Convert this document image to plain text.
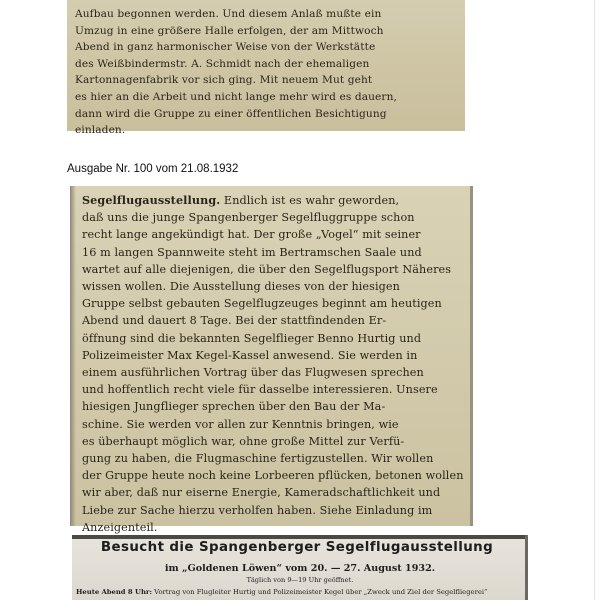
Aufbau begonnen werden. Und diesem Anlaß mußte ein

Umzug in eine größere Halle erfolgen, der am Mittwoch

Abend in ganz harmonischer Weise von der Werkstätte

des Weißbindermstr. A. Schmidt nach der ehemaligen

Kartonnagenfabrik vor sich ging. Mit neuem Mut geht

es hier an die Arbeit und nicht lange mehr wird es dauern,

dann wird die Gruppe zu einer öffentlichen Besichtigung

einladen.

Ausgabe Nr. 100 vom 21.08.1932

Segelflugausstellung. Endlich ist es wahr geworden,

daß uns die junge Spangenberger Segelfluggruppe schon

recht lange angekündigt hat. Der große „Vogel“ mit seiner

16 m langen Spannweite steht im Bertramschen Saale und

wartet auf alle diejenigen, die über den Segelflugsport Näheres

wissen wollen. Die Ausstellung dieses von der hiesigen

Gruppe selbst gebauten Segelflugzeuges beginnt am heutigen

Abend und dauert 8 Tage. Bei der stattfindenden Er-

öffnung sind die bekannten Segelflieger Benno Hurtig und

Polizeimeister Max Kegel-Kassel anwesend. Sie werden in

einem ausführlichen Vortrag über das Flugwesen sprechen

und hoffentlich recht viele für dasselbe interessieren. Unsere

hiesigen Jungflieger sprechen über den Bau der Ma-

schine. Sie werden vor allen zur Kenntnis bringen, wie

es überhaupt möglich war, ohne große Mittel zur Verfü-

gung zu haben, die Flugmaschine fertigzustellen. Wir wollen

der Gruppe heute noch keine Lorbeeren pflücken, betonen wollen

wir aber, daß nur eiserne Energie, Kameradschaftlichkeit und

Liebe zur Sache hierzu verholfen haben. Siehe Einladung im

Anzeigenteil.

Besucht die Spangenberger Segelflugausstellung
im „Goldenen Löwen“ vom 20. — 27. August 1932.
Täglich von 9—19 Uhr geöffnet.
Heute Abend 8 Uhr: Vortrag von Flugleiter Hurtig und Polizeimeister Kegel über „Zweck und Ziel der Segelfliegerei“
